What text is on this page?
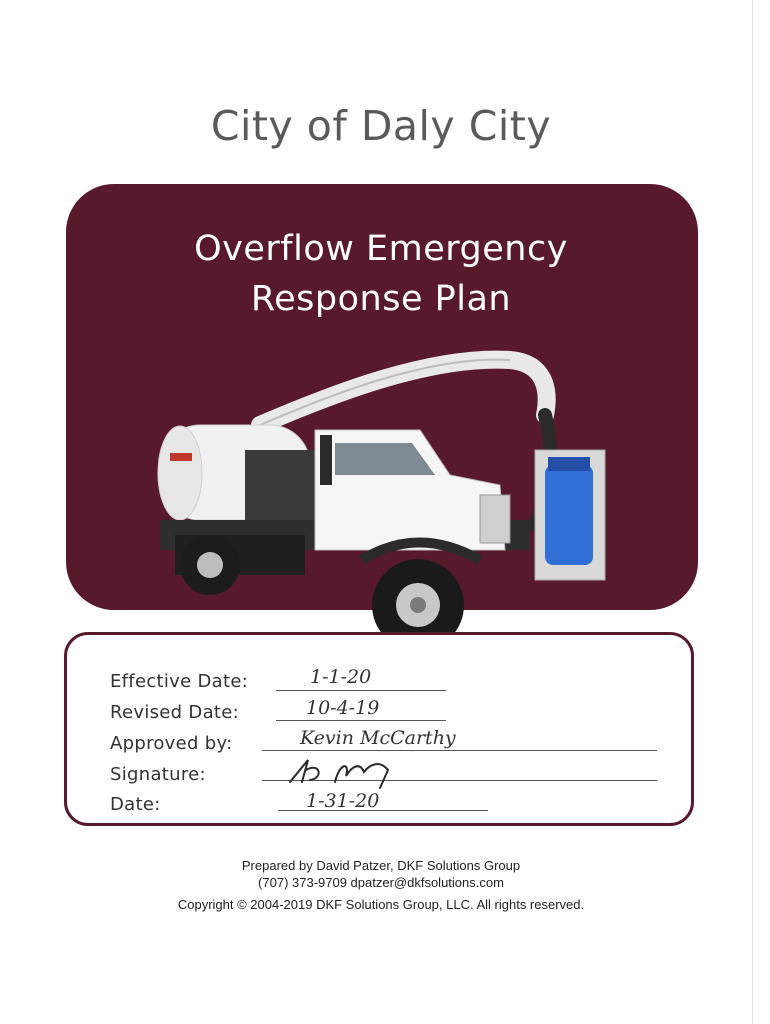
City of Daly City
Overflow Emergency
Response Plan
Effective Date:	1-1-20
Revised Date:	10-4-19
Approved by:	Kevin McCarthy
Signature:
Date:	1-31-20
Prepared by David Patzer, DKF Solutions Group
(707) 373-9709 dpatzer@dkfsolutions.com
Copyright © 2004-2019 DKF Solutions Group, LLC. All rights reserved.
